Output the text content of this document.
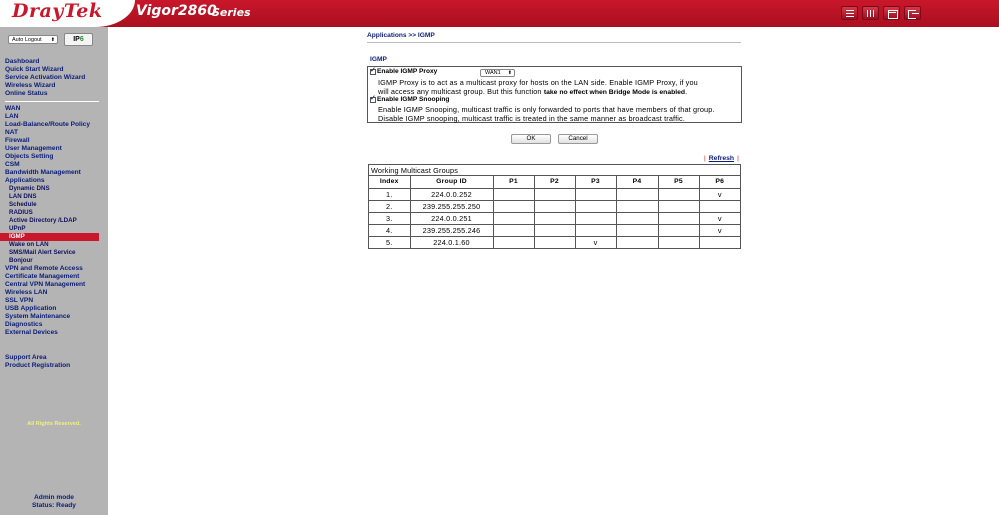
DrayTek Vigor2860
Series
Auto Logout ⬍	IP6
Dashboard
Quick Start Wizard
Service Activation Wizard
Wireless Wizard
Online Status
WAN
LAN
Load-Balance/Route Policy
NAT
Firewall
User Management
Objects Setting
CSM
Bandwidth Management
Applications
Dynamic DNS
LAN DNS
Schedule
RADIUS
Active Directory /LDAP
UPnP
IGMP
Wake on LAN
SMS/Mail Alert Service
Bonjour
VPN and Remote Access
Certificate Management
Central VPN Management
Wireless LAN
SSL VPN
USB Application
System Maintenance
Diagnostics
External Devices
Support Area
Product Registration
All Rights Reserved.
Admin mode
Status: Ready
Applications >> IGMP
IGMP
✓
Enable IGMP Proxy	WAN1 ⬍
IGMP Proxy is to act as a multicast proxy for hosts on the LAN side. Enable IGMP Proxy, if you
will access any multicast group. But this function take no effect when Bridge Mode is enabled.
✓
Enable IGMP Snooping
Enable IGMP Snooping, multicast traffic is only forwarded to ports that have members of that group.
Disable IGMP snooping, multicast traffic is treated in the same manner as broadcast traffic.
OK	Cancel
| Refresh |
Working Multicast Groups
Index	Group ID	P1	P2	P3	P4	P5	P6
1.	224.0.0.252						v
2.	239.255.255.250						
3.	224.0.0.251						v
4.	239.255.255.246						v
5.	224.0.1.60			v			
